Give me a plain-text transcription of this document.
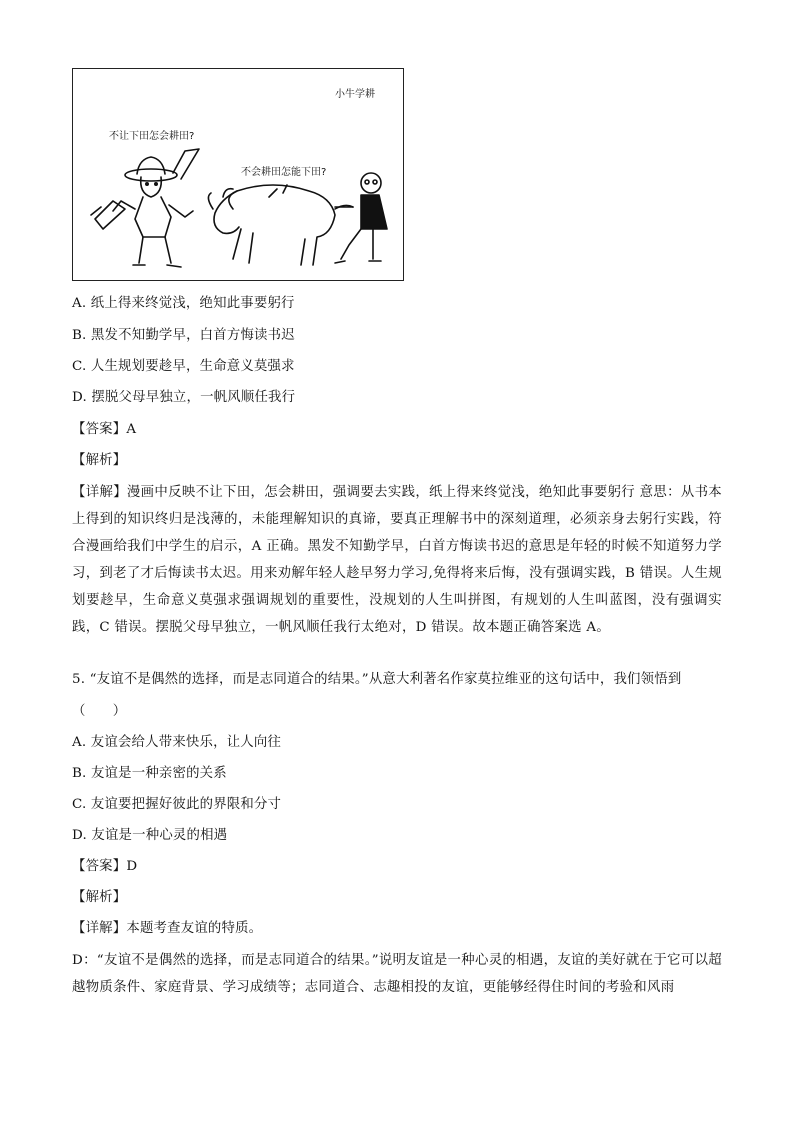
小牛学耕
不让下田怎会耕田?
不会耕田怎能下田?
A. 纸上得来终觉浅，绝知此事要躬行
B. 黑发不知勤学早，白首方悔读书迟
C. 人生规划要趁早，生命意义莫强求
D. 摆脱父母早独立，一帆风顺任我行
【答案】A
【解析】
【详解】漫画中反映不让下田，怎会耕田，强调要去实践，纸上得来终觉浅，绝知此事要躬行 意思：从书本上得到的知识终归是浅薄的，未能理解知识的真谛，要真正理解书中的深刻道理，必须亲身去躬行实践，符合漫画给我们中学生的启示，A 正确。黑发不知勤学早，白首方悔读书迟的意思是年轻的时候不知道努力学习，到老了才后悔读书太迟。用来劝解年轻人趁早努力学习,免得将来后悔，没有强调实践，B 错误。人生规划要趁早，生命意义莫强求强调规划的重要性，没规划的人生叫拼图，有规划的人生叫蓝图，没有强调实践，C 错误。摆脱父母早独立，一帆风顺任我行太绝对，D 错误。故本题正确答案选 A。
5. “友谊不是偶然的选择，而是志同道合的结果。”从意大利著名作家莫拉维亚的这句话中，我们领悟到
（　　）
A. 友谊会给人带来快乐，让人向往
B. 友谊是一种亲密的关系
C. 友谊要把握好彼此的界限和分寸
D. 友谊是一种心灵的相遇
【答案】D
【解析】
【详解】本题考查友谊的特质。
D：“友谊不是偶然的选择，而是志同道合的结果。”说明友谊是一种心灵的相遇，友谊的美好就在于它可以超越物质条件、家庭背景、学习成绩等；志同道合、志趣相投的友谊，更能够经得住时间的考验和风雨
